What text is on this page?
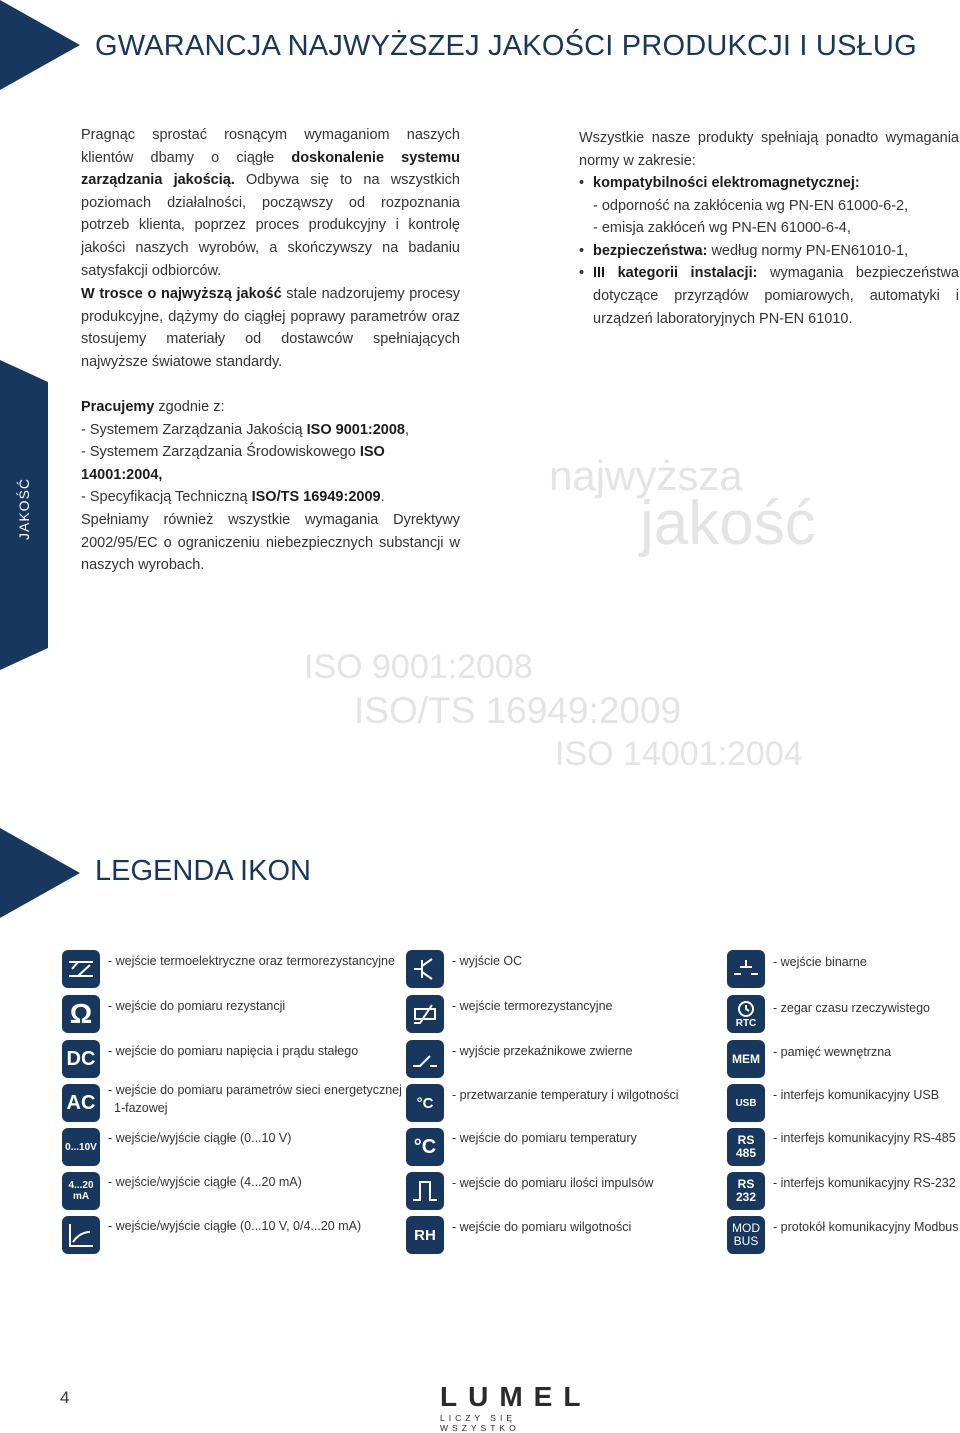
GWARANCJA NAJWYŻSZEJ JAKOŚCI PRODUKCJI I USŁUG
JAKOŚĆ
Pragnąc sprostać rosnącym wymaganiom naszych klientów dbamy o ciągłe doskonalenie systemu zarządzania jakością. Odbywa się to na wszystkich poziomach działalności, począwszy od rozpoznania potrzeb klienta, poprzez proces produkcyjny i kontrolę jakości naszych wyrobów, a skończywszy na badaniu satysfakcji odbiorców.
W trosce o najwyższą jakość stale nadzorujemy procesy produkcyjne, dążymy do ciągłej poprawy parametrów oraz stosujemy materiały od dostawców spełniających najwyższe światowe standardy.
Pracujemy zgodnie z:
- Systemem Zarządzania Jakością ISO 9001:2008,
- Systemem Zarządzania Środowiskowego ISO 14001:2004,
- Specyfikacją Techniczną ISO/TS 16949:2009.
Spełniamy również wszystkie wymagania Dyrektywy 2002/95/EC o ograniczeniu niebezpiecznych substancji w naszych wyrobach.
Wszystkie nasze produkty spełniają ponadto wymagania normy w zakresie:
• kompatybilności elektromagnetycznej:
- odporność na zakłócenia wg PN-EN 61000-6-2,
- emisja zakłóceń wg PN-EN 61000-6-4,
• bezpieczeństwa: według normy PN-EN61010-1,
• III kategorii instalacji: wymagania bezpieczeństwa dotyczące przyrządów pomiarowych, automatyki i urządzeń laboratoryjnych PN-EN 61010.
najwyższa
jakość
ISO 9001:2008
ISO/TS 16949:2009
ISO 14001:2004
LEGENDA IKON
- wejście termoelektryczne oraz termorezystancyjne
Ω	- wejście do pomiaru rezystancji
DC	- wejście do pomiaru napięcia i prądu stałego
AC
- wejście do pomiaru parametrów sieci energetycznej
1-fazowej
0...10V
- wejście/wyjście ciągłe (0...10 V)
4...20 mA
- wejście/wyjście ciągłe (4...20 mA)
- wejście/wyjście ciągłe (0...10 V, 0/4...20 mA)
- wyjście OC
- wejście termorezystancyjne
- wyjście przekaźnikowe zwierne
°C - przetwarzanie temperatury i wilgotności
°C	- wejście do pomiaru temperatury
- wejście do pomiaru ilości impulsów
RH	- wejście do pomiaru wilgotności
- wejście binarne
RTC
- zegar czasu rzeczywistego
MEM	- pamięć wewnętrzna
USB
- interfejs komunikacyjny USB
RS 485
- interfejs komunikacyjny RS-485
RS 232
- interfejs komunikacyjny RS-232
MOD BUS
- protokół komunikacyjny Modbus
4	LUMEL
LICZY SIĘ WSZYSTKO
